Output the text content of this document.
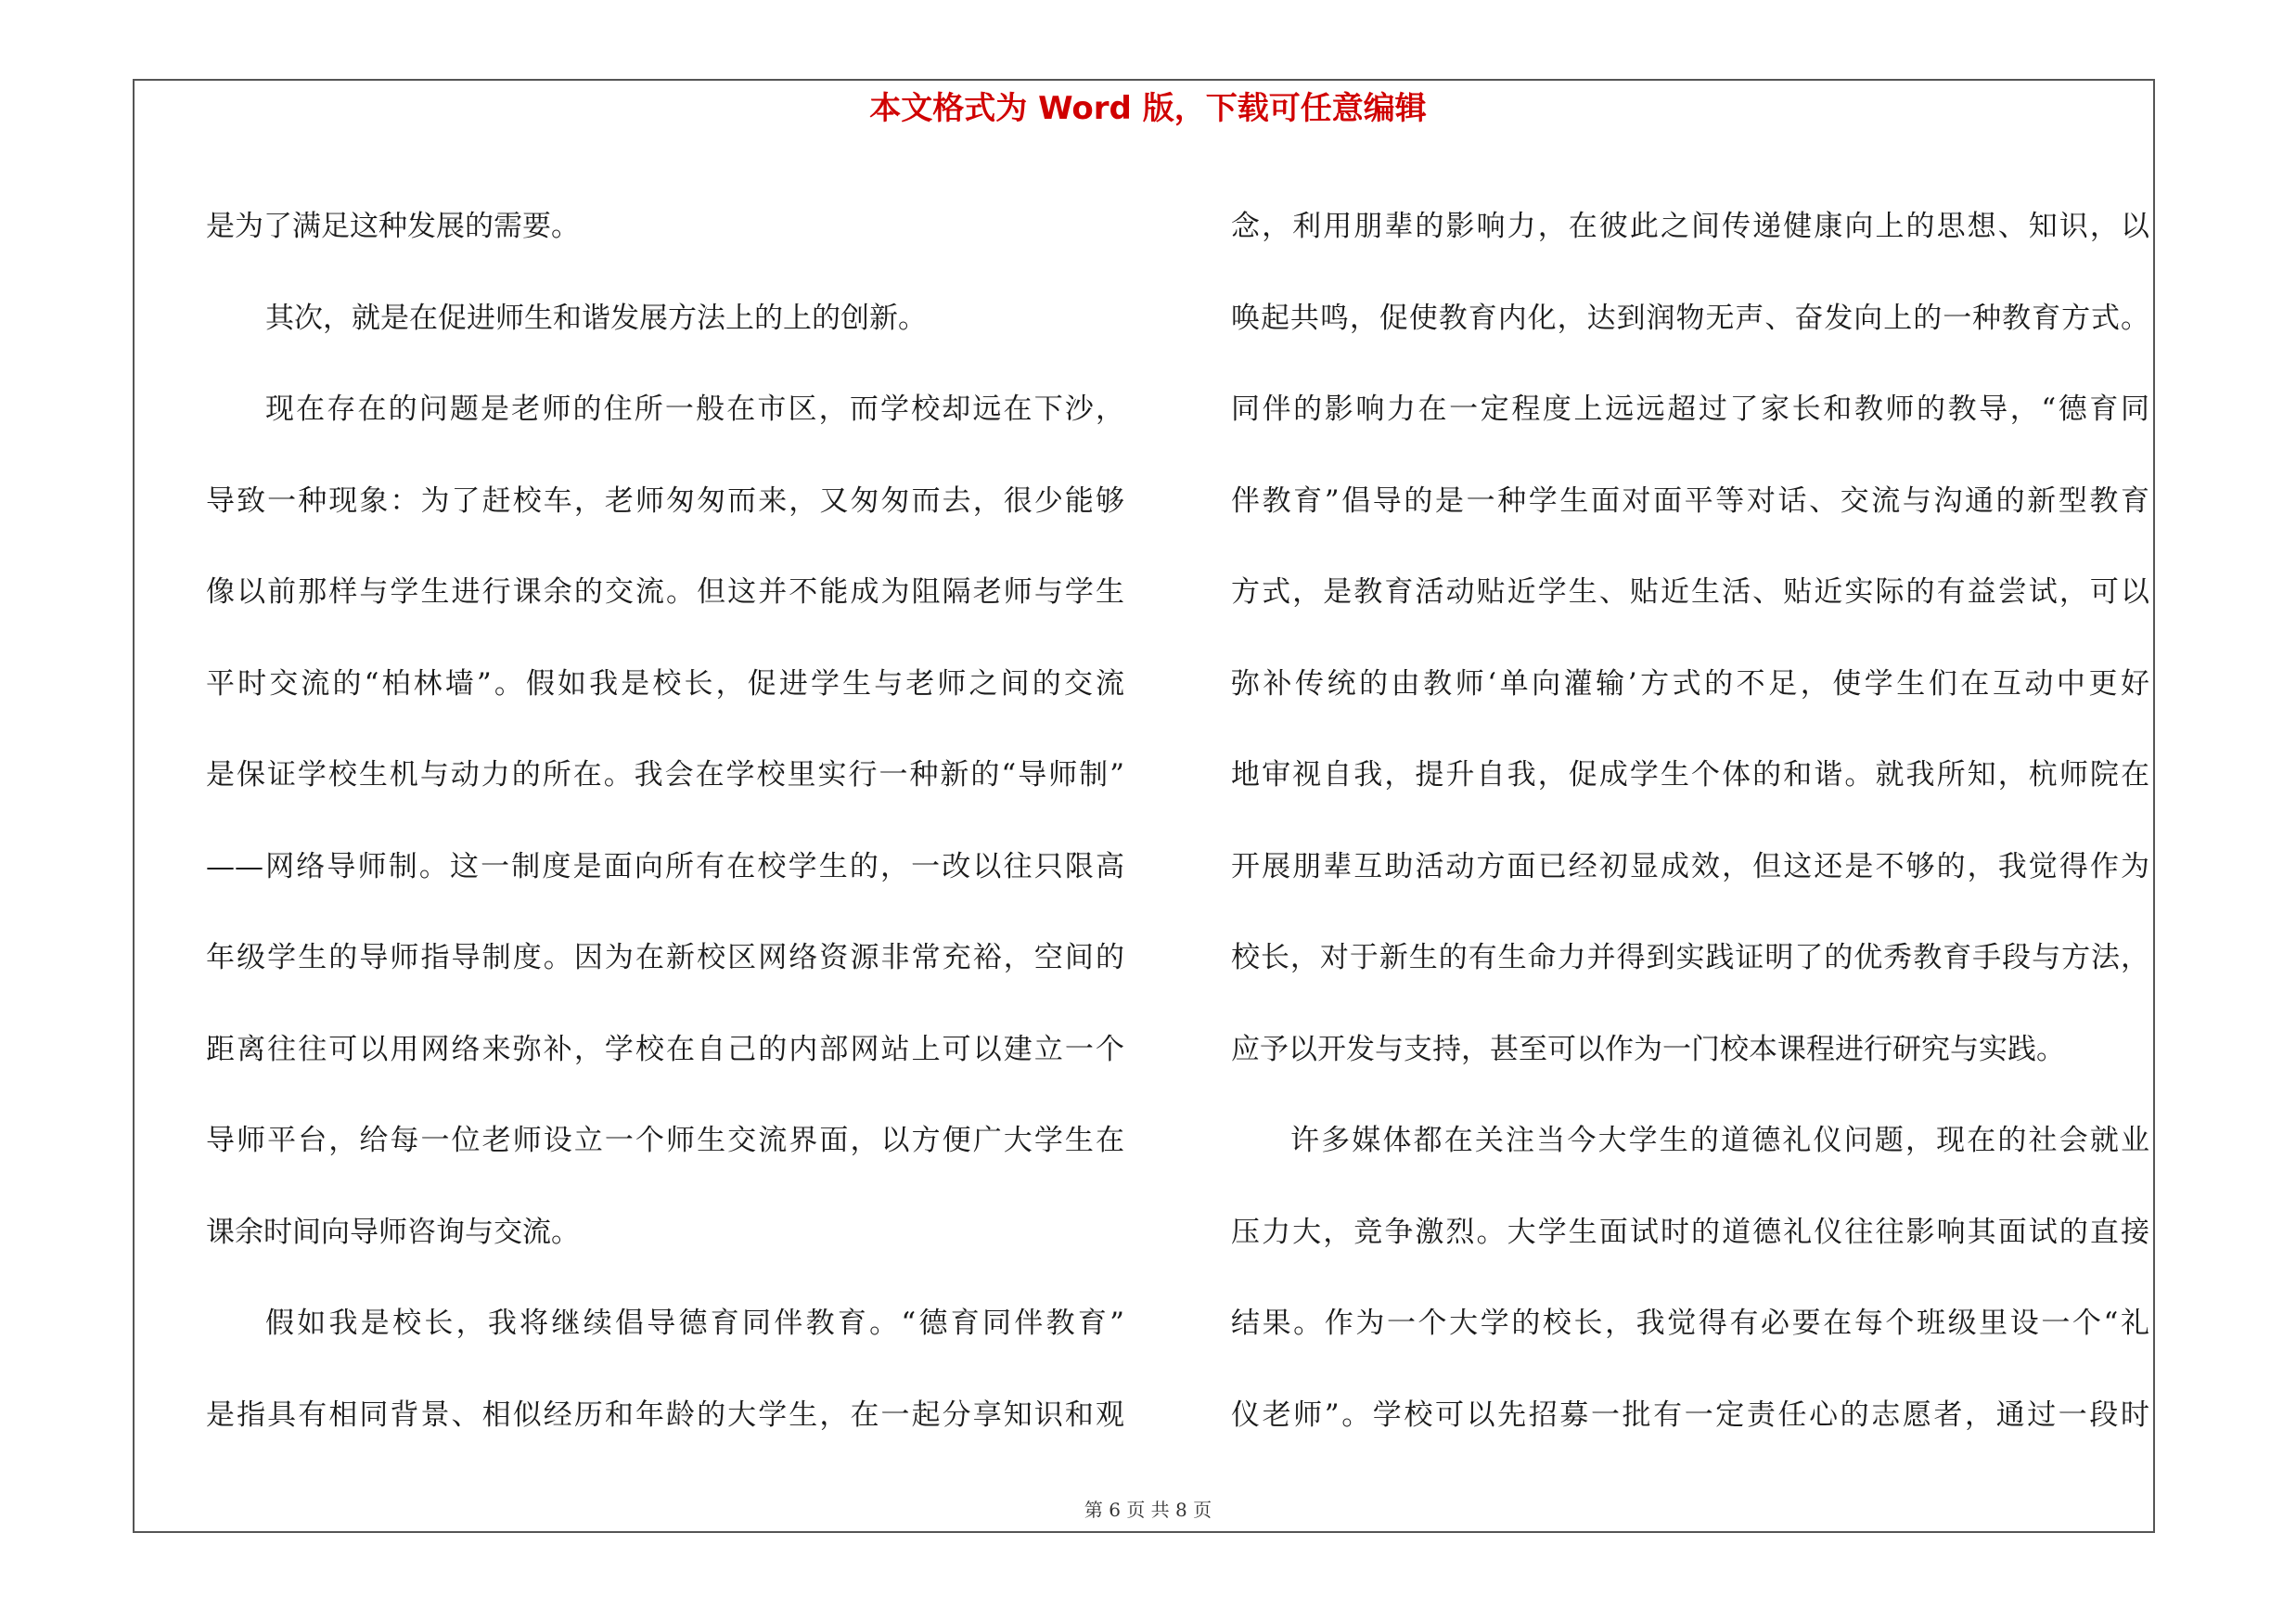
本文格式为 Word 版，下载可任意编辑
是为了满足这种发展的需要。
其次，就是在促进师生和谐发展方法上的上的创新。
现在存在的问题是老师的住所一般在市区，而学校却远在下沙，
导致一种现象：为了赶校车，老师匆匆而来，又匆匆而去，很少能够
像以前那样与学生进行课余的交流。但这并不能成为阻隔老师与学生
平时交流的“柏林墙”。假如我是校长，促进学生与老师之间的交流
是保证学校生机与动力的所在。我会在学校里实行一种新的“导师制”
——网络导师制。这一制度是面向所有在校学生的，一改以往只限高
年级学生的导师指导制度。因为在新校区网络资源非常充裕，空间的
距离往往可以用网络来弥补，学校在自己的内部网站上可以建立一个
导师平台，给每一位老师设立一个师生交流界面，以方便广大学生在
课余时间向导师咨询与交流。
假如我是校长，我将继续倡导德育同伴教育。“德育同伴教育”
是指具有相同背景、相似经历和年龄的大学生，在一起分享知识和观
念，利用朋辈的影响力，在彼此之间传递健康向上的思想、知识，以
唤起共鸣，促使教育内化，达到润物无声、奋发向上的一种教育方式。
同伴的影响力在一定程度上远远超过了家长和教师的教导，“德育同
伴教育”倡导的是一种学生面对面平等对话、交流与沟通的新型教育
方式，是教育活动贴近学生、贴近生活、贴近实际的有益尝试，可以
弥补传统的由教师‘单向灌输’方式的不足，使学生们在互动中更好
地审视自我，提升自我，促成学生个体的和谐。就我所知，杭师院在
开展朋辈互助活动方面已经初显成效，但这还是不够的，我觉得作为
校长，对于新生的有生命力并得到实践证明了的优秀教育手段与方法，
应予以开发与支持，甚至可以作为一门校本课程进行研究与实践。
许多媒体都在关注当今大学生的道德礼仪问题，现在的社会就业
压力大，竞争激烈。大学生面试时的道德礼仪往往影响其面试的直接
结果。作为一个大学的校长，我觉得有必要在每个班级里设一个“礼
仪老师”。学校可以先招募一批有一定责任心的志愿者，通过一段时
第 6 页 共 8 页
